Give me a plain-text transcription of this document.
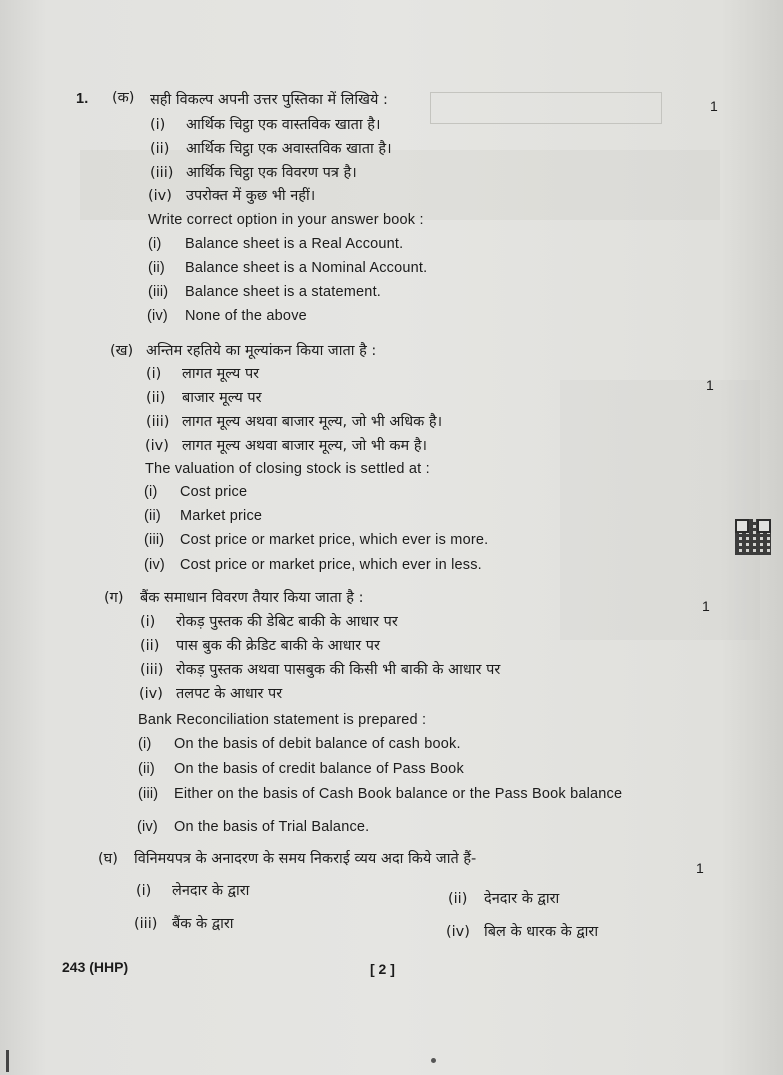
1. (क) सही विकल्प अपनी उत्तर पुस्तिका में लिखिये :	1
(i) आर्थिक चिट्ठा एक वास्तविक खाता है।
(ii) आर्थिक चिट्ठा एक अवास्तविक खाता है।
(iii) आर्थिक चिट्ठा एक विवरण पत्र है।
(iv) उपरोक्त में कुछ भी नहीं।
Write correct option in your answer book :
(i) Balance sheet is a Real Account.
(ii) Balance sheet is a Nominal Account.
(iii) Balance sheet is a statement.
(iv) None of the above
(ख) अन्तिम रहतिये का मूल्यांकन किया जाता है :
1
(i) लागत मूल्य पर
(ii) बाजार मूल्य पर
(iii) लागत मूल्य अथवा बाजार मूल्य, जो भी अधिक है।
(iv) लागत मूल्य अथवा बाजार मूल्य, जो भी कम है।
The valuation of closing stock is settled at :
(i) Cost price
(ii) Market price
(iii) Cost price or market price, which ever is more.
(iv) Cost price or market price, which ever in less.
(ग) बैंक समाधान विवरण तैयार किया जाता है :	1
(i) रोकड़ पुस्तक की डेबिट बाकी के आधार पर
(ii) पास बुक की क्रेडिट बाकी के आधार पर
(iii) रोकड़ पुस्तक अथवा पासबुक की किसी भी बाकी के आधार पर
(iv) तलपट के आधार पर
Bank Reconciliation statement is prepared :
(i) On the basis of debit balance of cash book.
(ii) On the basis of credit balance of Pass Book
(iii) Either on the basis of Cash Book balance or the Pass Book balance
(iv) On the basis of Trial Balance.
(घ) विनिमयपत्र के अनादरण के समय निकराई व्यय अदा किये जाते हैं-
1
(i) लेनदार के द्वारा	(ii) देनदार के द्वारा
(iii) बैंक के द्वारा	(iv) बिल के धारक के द्वारा
243 (HHP)	[ 2 ]
